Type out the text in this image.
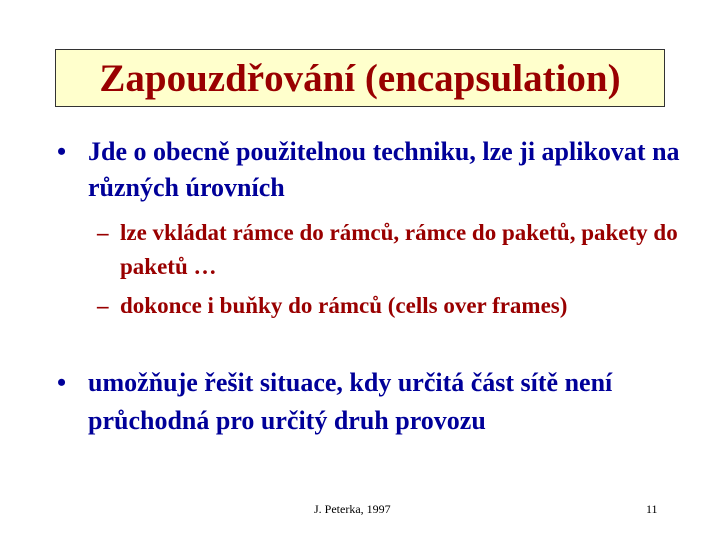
Zapouzdřování (encapsulation)
• Jde o obecně použitelnou techniku, lze ji aplikovat na různých úrovních
– lze vkládat rámce do rámců, rámce do paketů, pakety do paketů …
– dokonce i buňky do rámců (cells over frames)
• umožňuje řešit situace, kdy určitá část sítě není průchodná pro určitý druh provozu
J. Peterka, 1997	11
